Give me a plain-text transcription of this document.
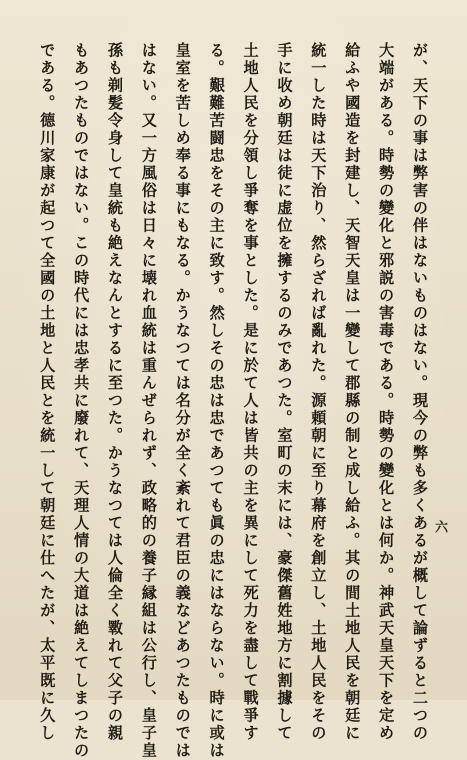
が、天下の事は弊害の伴はないものはない。現今の弊も多くあるが概して論ずると二つの
大端がある。時勢の變化と邪説の害毒である。時勢の變化とは何か。神武天皇天下を定め
給ふや國造を封建し、天智天皇は一變して郡縣の制と成し給ふ。其の間土地人民を朝廷に
統一した時は天下治り、然らざれば亂れた。源頼朝に至り幕府を創立し、土地人民をその
手に收め朝廷は徒に虚位を擁するのみであつた。室町の末には、豪傑舊姓地方に割據して
土地人民を分領し爭奪を事とした。是に於て人は皆共の主を異にして死力を盡して戰爭す
る。艱難苦闘忠をその主に致す。然しその忠は忠であつても眞の忠にはならない。時に或は
皇室を苦しめ奉る事にもなる。かうなつては名分が全く紊れて君臣の義などあつたものでは
はない。又一方風俗は日々に壊れ血統は重んぜられず、政略的の養子縁組は公行し、皇子皇
孫も剃髪令身して皇統も絶えなんとするに至つた。かうなつては人倫全く斁れて父子の親
もあつたものではない。この時代には忠孝共に廢れて、天理人情の大道は絶えてしまつたの
である。德川家康が起つて全國の土地と人民とを統一して朝廷に仕へたが、太平既に久し	六
